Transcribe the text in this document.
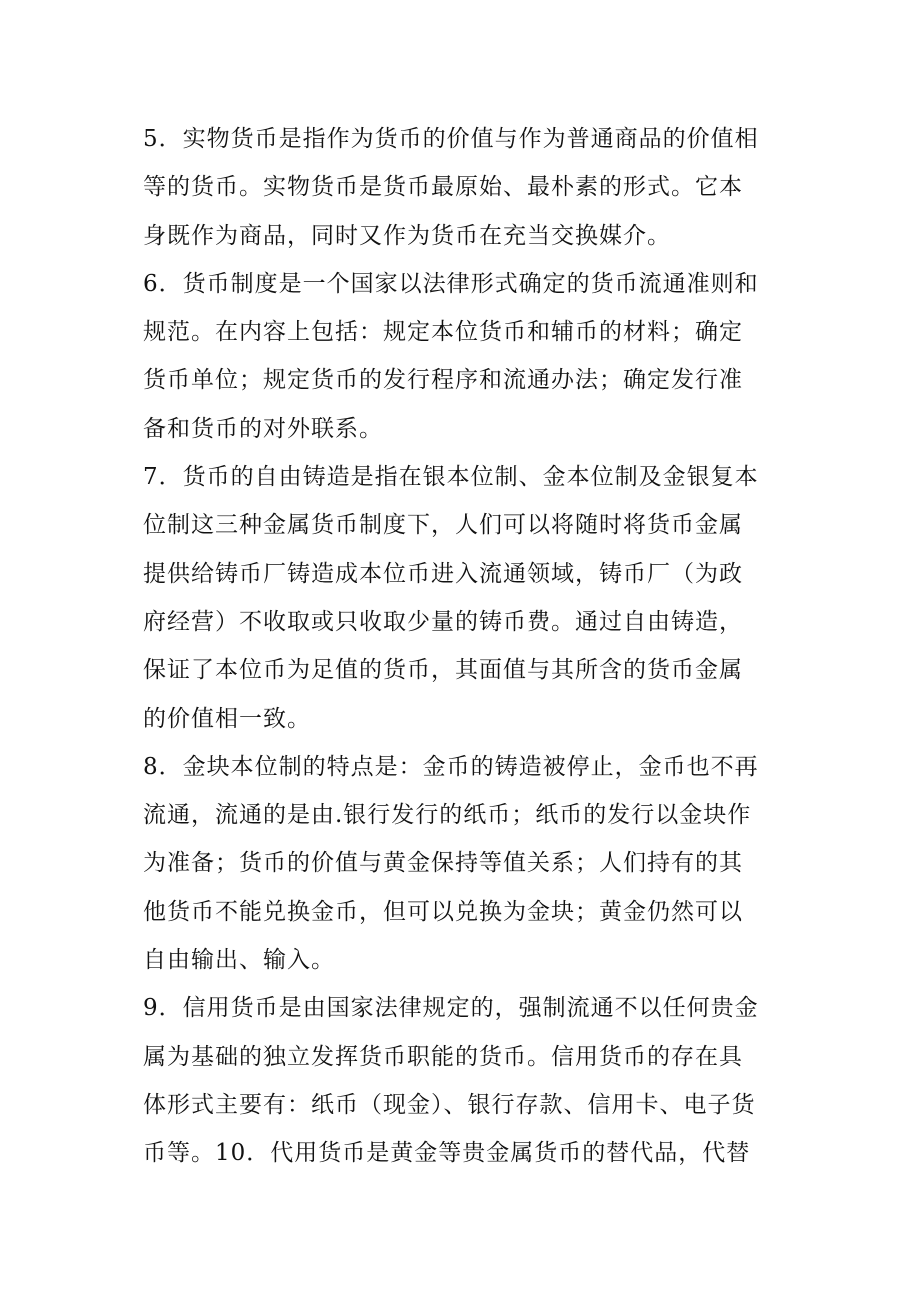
5．实物货币是指作为货币的价值与作为普通商品的价值相
等的货币。实物货币是货币最原始、最朴素的形式。它本
身既作为商品，同时又作为货币在充当交换媒介。
6．货币制度是一个国家以法律形式确定的货币流通准则和
规范。在内容上包括：规定本位货币和辅币的材料；确定
货币单位；规定货币的发行程序和流通办法；确定发行准
备和货币的对外联系。
7．货币的自由铸造是指在银本位制、金本位制及金银复本
位制这三种金属货币制度下，人们可以将随时将货币金属
提供给铸币厂铸造成本位币进入流通领域，铸币厂（为政
府经营）不收取或只收取少量的铸币费。通过自由铸造，
保证了本位币为足值的货币，其面值与其所含的货币金属
的价值相一致。
8．金块本位制的特点是：金币的铸造被停止，金币也不再
流通，流通的是由.银行发行的纸币；纸币的发行以金块作
为准备；货币的价值与黄金保持等值关系；人们持有的其
他货币不能兑换金币，但可以兑换为金块；黄金仍然可以
自由输出、输入。
9．信用货币是由国家法律规定的，强制流通不以任何贵金
属为基础的独立发挥货币职能的货币。信用货币的存在具
体形式主要有：纸币（现金）、银行存款、信用卡、电子货
币等。10．代用货币是黄金等贵金属货币的替代品，代替
